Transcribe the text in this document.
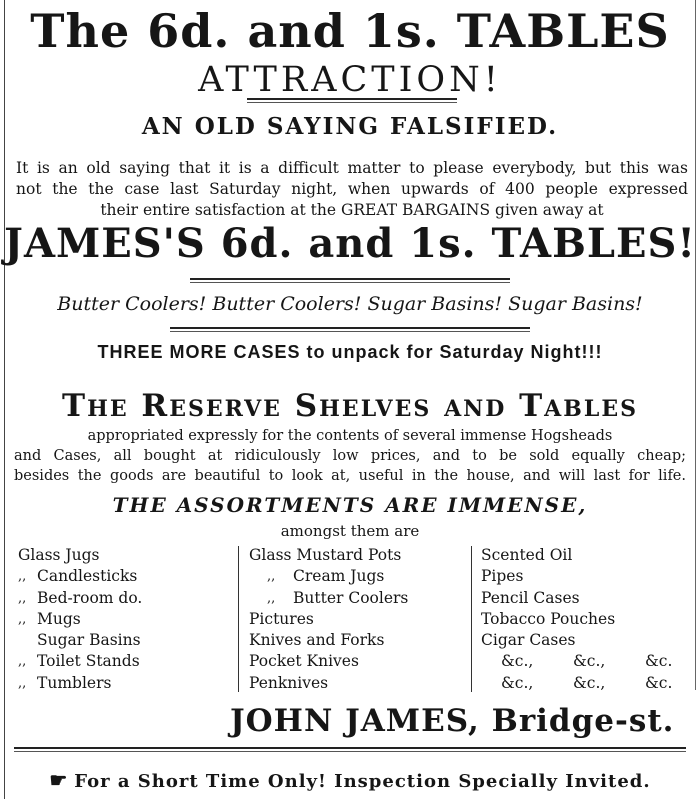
The 6d. and 1s. TABLES
ATTRACTION!
AN OLD SAYING FALSIFIED.
It is an old saying that it is a difficult matter to please everybody, but this was
not the the case last Saturday night, when upwards of 400 people expressed
their entire satisfaction at the GREAT BARGAINS given away at
JAMES'S 6d. and 1s. TABLES!
Butter Coolers! Butter Coolers! Sugar Basins! Sugar Basins!
THREE MORE CASES to unpack for Saturday Night!!!
The Reserve Shelves and Tables
appropriated expressly for the contents of several immense Hogsheads
and Cases, all bought at ridiculously low prices, and to be sold equally cheap;
besides the goods are beautiful to look at, useful in the house, and will last for life.
THE ASSORTMENTS ARE IMMENSE,
amongst them are
Glass Jugs
,, Candlesticks
,, Bed-room do.
,, Mugs
Sugar Basins
,, Toilet Stands
,, Tumblers
Glass Mustard Pots
,, Cream Jugs
,, Butter Coolers
Pictures
Knives and Forks
Pocket Knives
Penknives
Scented Oil
Pipes
Pencil Cases
Tobacco Pouches
Cigar Cases
&c.,	&c.,	&c.
&c.,	&c.,	&c.
JOHN JAMES, Bridge-st.
☛ For a Short Time Only! Inspection Specially Invited.
